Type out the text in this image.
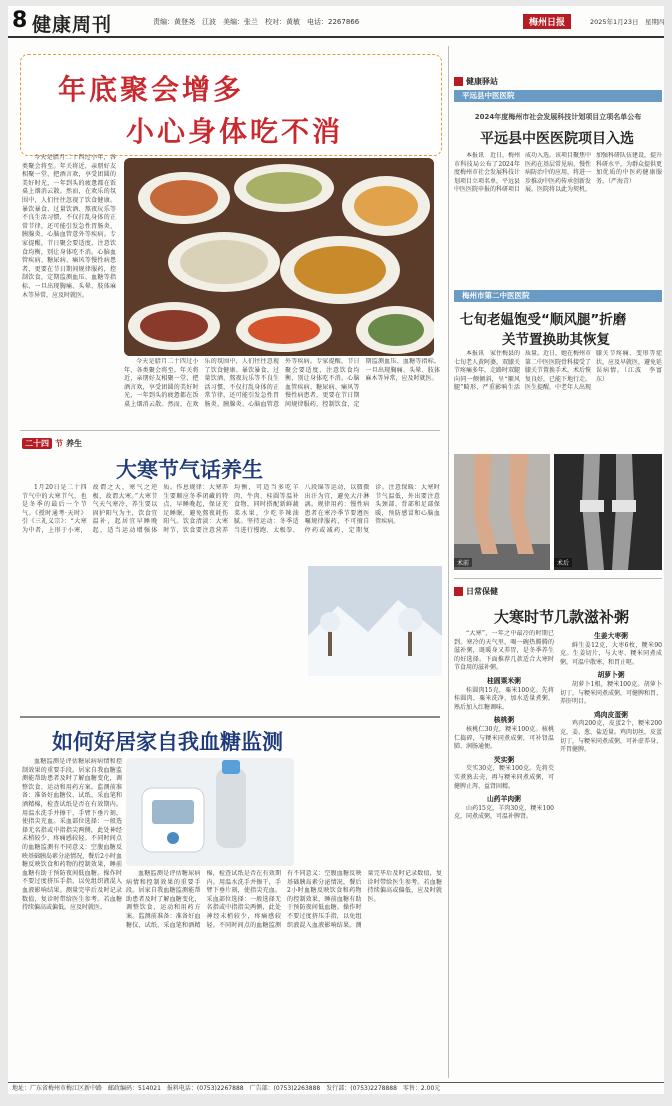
8 健康周刊	责编：黄登尧　江波　美编：张兰　校对：黄敏　电话：2267866	梅州日报	2025年1月23日　星期四
年底聚会增多
小心身体吃不消

今天是腊月二十四过小年，各类聚会将至。年关将近，亲朋好友相聚一堂，把酒言欢，享受团圆的美好时光，一年到头的疲惫都在饭桌上烟消云散。然而，在欢乐的氛围中，人们往往忽视了饮食健康。暴饮暴食、过量饮酒、熬夜玩乐等不良生活习惯，不仅打乱身体的正常节律，还可能引发急性胃肠炎、胰腺炎、心脑血管意外等疾病。专家提醒，节日聚会要适度，注意饮食均衡，别让身体吃不消。心脑血管疾病、糖尿病、痛风等慢性病患者，更要在节日期间规律服药，控制饮食，定期监测血压、血糖等指标，一旦出现胸痛、头晕、肢体麻木等异常，应及时就医。

今天是腊月二十四过小年，各类聚会将至。年关将近，亲朋好友相聚一堂，把酒言欢，享受团圆的美好时光，一年到头的疲惫都在饭桌上烟消云散。然而，在欢乐的氛围中，人们往往忽视了饮食健康。暴饮暴食、过量饮酒、熬夜玩乐等不良生活习惯，不仅打乱身体的正常节律，还可能引发急性胃肠炎、胰腺炎、心脑血管意外等疾病。专家提醒，节日聚会要适度，注意饮食均衡，别让身体吃不消。心脑血管疾病、糖尿病、痛风等慢性病患者，更要在节日期间规律服药，控制饮食，定期监测血压、血糖等指标，一旦出现胸痛、头晕、肢体麻木等异常，应及时就医。

二十四 节 养生
大寒节气话养生

1月20日是二十四节气中的大寒节气，也是冬季的最后一个节气。《授时通考·天时》引《三礼义宗》：“大寒为中者，上形于小寒，故谓之大，寒气之逆极，故谓大寒。”大寒节气天气寒冷，养生要以固护阳气为主，饮食宜温补，起居宜早睡晚起，适当运动增强体质。作息规律：大寒养生要顺应冬季闭藏的特点，早睡晚起，保证充足睡眠，避免熬夜耗伤阳气。饮食清淡：大寒时节，饮食要注意营养均衡，可适当多吃羊肉、牛肉、桂圆等温补食物，同时搭配新鲜蔬菜水果，少吃辛辣油腻。坚持运动：冬季适当进行慢跑、太极拳、八段锦等运动，以微微出汗为宜，避免大汗淋漓。规律用药：慢性病患者在寒冷季节要遵医嘱规律服药，不可擅自停药或减药，定期复诊。注意保暖：大寒时节气温低，外出要注意头颈部、背部和足部保暖，预防感冒和心脑血管疾病。

如何好居家自我血糖监测

血糖监测是评估糖尿病病情和控制效果的重要手段。居家自我血糖监测能帮助患者及时了解血糖变化，调整饮食、运动和用药方案。监测前准备：准备好血糖仪、试纸、采血笔和酒精棉，检查试纸是否在有效期内。用温水洗手并擦干，手臂下垂片刻，使指尖充血。采血部位选择：一般选择无名指或中指指尖两侧，此处神经末梢较少，疼痛感较轻。不同时间点的血糖监测有不同意义：空腹血糖反映基础胰岛素分泌情况，餐后2小时血糖反映饮食和药物的控制效果，睡前血糖有助于预防夜间低血糖。操作时不要过度挤压手指，以免组织液混入血液影响结果。测量完毕后及时记录数值，复诊时带给医生参考。若血糖持续偏高或偏低，应及时就医。

血糖监测是评估糖尿病病情和控制效果的重要手段。居家自我血糖监测能帮助患者及时了解血糖变化，调整饮食、运动和用药方案。监测前准备：准备好血糖仪、试纸、采血笔和酒精棉，检查试纸是否在有效期内。用温水洗手并擦干，手臂下垂片刻，使指尖充血。采血部位选择：一般选择无名指或中指指尖两侧，此处神经末梢较少，疼痛感较轻。不同时间点的血糖监测有不同意义：空腹血糖反映基础胰岛素分泌情况，餐后2小时血糖反映饮食和药物的控制效果，睡前血糖有助于预防夜间低血糖。操作时不要过度挤压手指，以免组织液混入血液影响结果。测量完毕后及时记录数值，复诊时带给医生参考。若血糖持续偏高或偏低，应及时就医。

健康驿站
平远县中医医院
2024年度梅州市社会发展科技计划项目立项名单公布
平远县中医医院项目入选

本报讯　近日，梅州市科技局公布了2024年度梅州市社会发展科技计划项目立项名单，平远县中医医院申报的科研项目成功入选。该项目聚焦中医药在基层常见病、慢性病防治中的应用，将进一步推动中医药传承创新发展。医院将以此为契机，加强科研队伍建设，提升科研水平，为群众提供更加优质的中医药健康服务。（严海青）

梅州市第二中医医院
七旬老媪饱受“顺风腿”折磨
关节置换助其恢复

本报讯　家住梅县的七旬老人黄阿婆，双膝关节疼痛多年，走路时双腿向同一侧倾斜，呈“顺风腿”畸形，严重影响生活质量。近日，她在梅州市第二中医医院骨科接受了膝关节置换手术，术后恢复良好，已能下地行走。医生提醒，中老年人出现膝关节疼痛、变形等症状，应及早就医，避免延误病情。（江波　李富东）

术前	术后
日常保健
大寒时节几款滋补粥

“大寒”，一年之中最冷的时期已到。寒冷的天气里，喝一碗热腾腾的滋补粥，既暖身又养胃，是冬季养生的好选择。下面推荐几款适合大寒时节食用的滋补粥。

桂圆粟米粥

桂圆肉15克，粟米100克。先将桂圆肉、粟米洗净，加水适量煮粥，熟后加入红糖调味。

核桃粥

核桃仁30克，粳米100克。核桃仁捣碎，与粳米同煮成粥，可补肾温肺、润肠通便。

芡实粥

芡实30克，粳米100克。先将芡实煮熟去壳，再与粳米同煮成粥，可健脾止泻、益肾固精。

山药羊肉粥

山药15克，羊肉30克，粳米100克，同煮成粥，可温补脾肾。

生姜大枣粥

鲜生姜12克，大枣6枚，粳米90克。生姜切片，与大枣、粳米同煮成粥，可温中散寒、和胃止呕。

胡萝卜粥

胡萝卜1根，粳米100克。胡萝卜切丁，与粳米同煮成粥，可健脾和胃、养肝明目。

鸡肉皮蛋粥

鸡肉200克，皮蛋2个，粳米200克，姜、葱、盐适量。鸡肉切丝，皮蛋切丁，与粳米同煮成粥，可补虚养身、开胃健脾。

地址：广东省梅州市梅江区新中路　邮政编码：514021　报料电话：(0753)2267888　广告部：(0753)2263888　发行部：(0753)2278888　零售：2.00元
